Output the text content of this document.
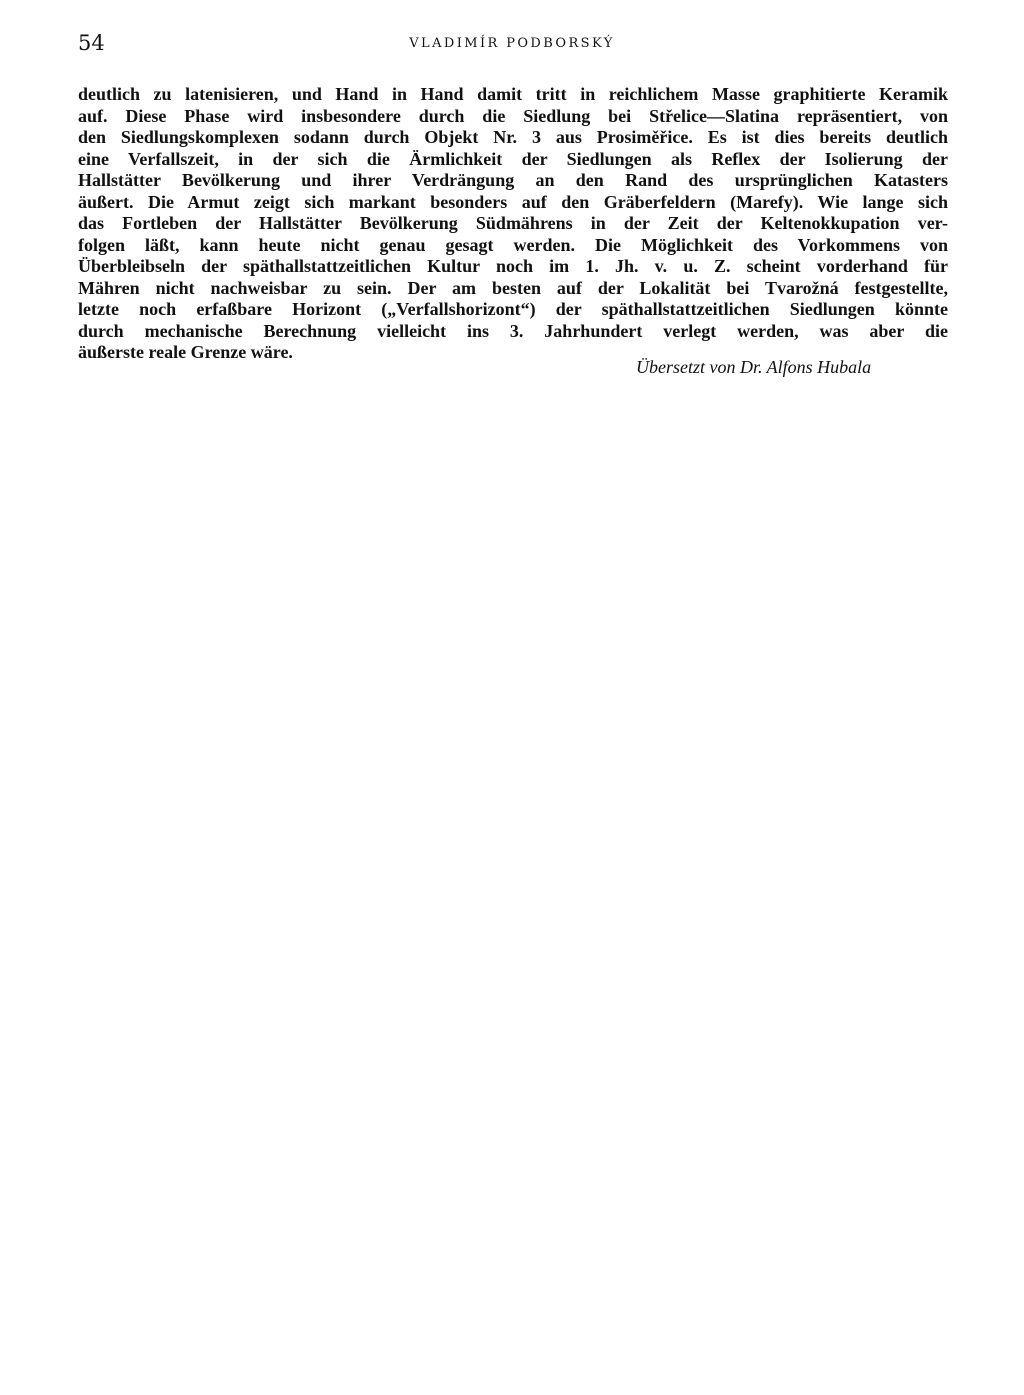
54	VLADIMÍR PODBORSKÝ
deutlich zu latenisieren, und Hand in Hand damit tritt in reichlichem Masse graphitierte Keramik
auf. Diese Phase wird insbesondere durch die Siedlung bei Střelice—Slatina repräsentiert, von
den Siedlungskomplexen sodann durch Objekt Nr. 3 aus Prosiměřice. Es ist dies bereits deutlich
eine Verfallszeit, in der sich die Ärmlichkeit der Siedlungen als Reflex der Isolierung der
Hallstätter Bevölkerung und ihrer Verdrängung an den Rand des ursprünglichen Katasters
äußert. Die Armut zeigt sich markant besonders auf den Gräberfeldern (Marefy). Wie lange sich
das Fortleben der Hallstätter Bevölkerung Südmährens in der Zeit der Keltenokkupation ver-
folgen läßt, kann heute nicht genau gesagt werden. Die Möglichkeit des Vorkommens von
Überbleibseln der späthallstattzeitlichen Kultur noch im 1. Jh. v. u. Z. scheint vorderhand für
Mähren nicht nachweisbar zu sein. Der am besten auf der Lokalität bei Tvarožná festgestellte,
letzte noch erfaßbare Horizont („Verfallshorizont“) der späthallstattzeitlichen Siedlungen könnte
durch mechanische Berechnung vielleicht ins 3. Jahrhundert verlegt werden, was aber die
äußerste reale Grenze wäre.
Übersetzt von Dr. Alfons Hubala
